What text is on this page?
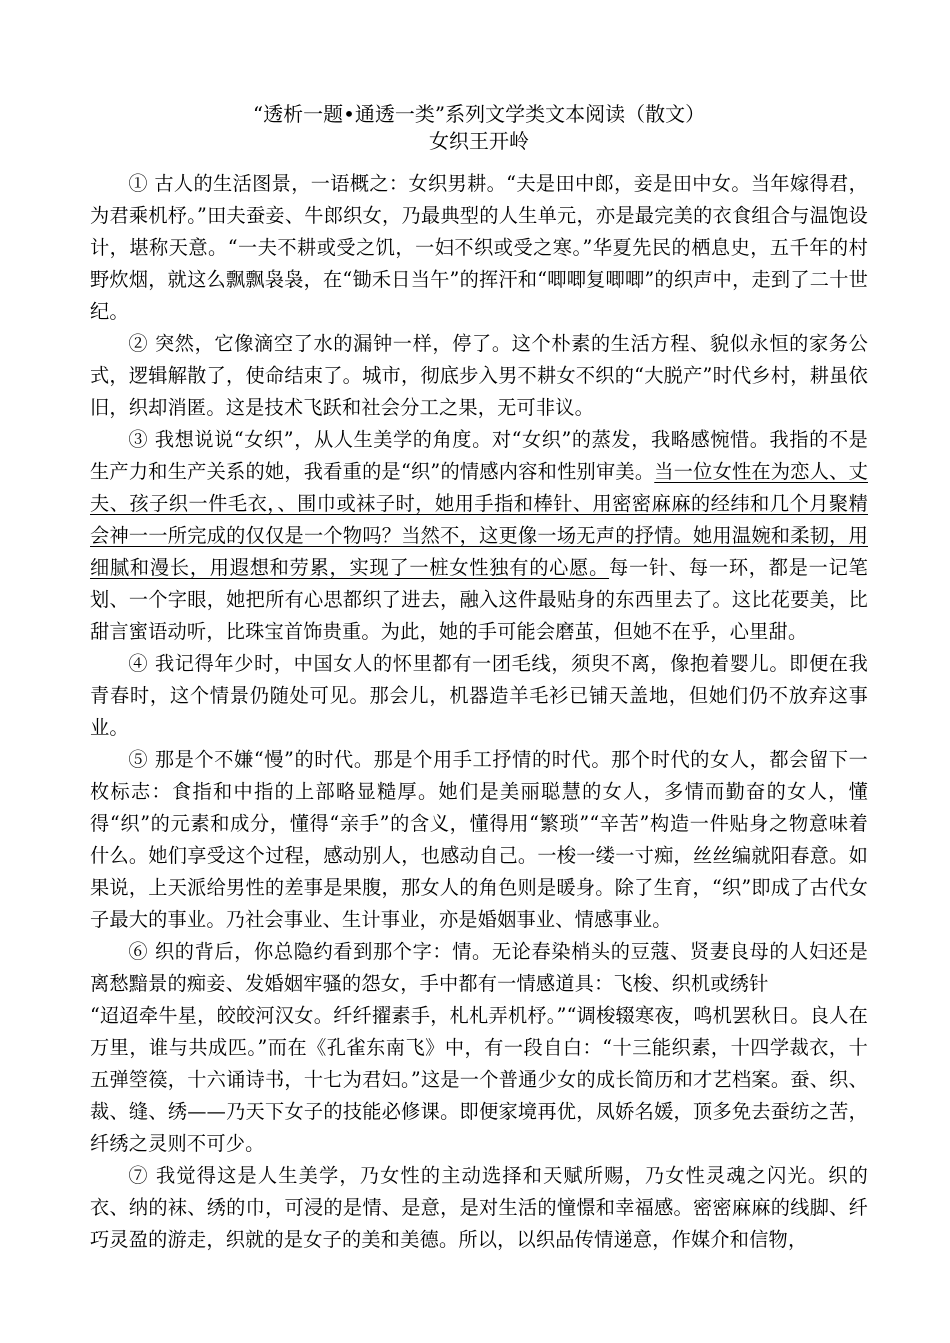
“透析一题•通透一类”系列文学类文本阅读（散文）
女织王开岭

① 古人的生活图景，一语概之：女织男耕。“夫是田中郎，妾是田中女。当年嫁得君，为君乘机杼。”田夫蚕妾、牛郎织女，乃最典型的人生单元，亦是最完美的衣食组合与温饱设计，堪称天意。“一夫不耕或受之饥，一妇不织或受之寒。”华夏先民的栖息史，五千年的村野炊烟，就这么飘飘袅袅，在“锄禾日当午”的挥汗和“唧唧复唧唧”的织声中，走到了二十世纪。

② 突然，它像滴空了水的漏钟一样，停了。这个朴素的生活方程、貌似永恒的家务公式，逻辑解散了，使命结束了。城市，彻底步入男不耕女不织的“大脱产”时代乡村，耕虽依旧，织却消匿。这是技术飞跃和社会分工之果，无可非议。

③ 我想说说“女织”，从人生美学的角度。对“女织”的蒸发，我略感惋惜。我指的不是生产力和生产关系的她，我看重的是“织”的情感内容和性别审美。当一位女性在为恋人、丈夫、孩子织一件毛衣，、围巾或袜子时，她用手指和棒针、用密密麻麻的经纬和几个月聚精会神一一所完成的仅仅是一个物吗？当然不，这更像一场无声的抒情。她用温婉和柔韧，用细腻和漫长，用遐想和劳累，实现了一桩女性独有的心愿。每一针、每一环，都是一记笔划、一个字眼，她把所有心思都织了进去，融入这件最贴身的东西里去了。这比花要美，比甜言蜜语动听，比珠宝首饰贵重。为此，她的手可能会磨茧，但她不在乎，心里甜。

④ 我记得年少时，中国女人的怀里都有一团毛线，须臾不离，像抱着婴儿。即便在我青春时，这个情景仍随处可见。那会儿，机器造羊毛衫已铺天盖地，但她们仍不放弃这事业。

⑤ 那是个不嫌“慢”的时代。那是个用手工抒情的时代。那个时代的女人，都会留下一枚标志：食指和中指的上部略显糙厚。她们是美丽聪慧的女人，多情而勤奋的女人，懂得“织”的元素和成分，懂得“亲手”的含义，懂得用“繁琐”“辛苦”构造一件贴身之物意味着什么。她们享受这个过程，感动别人，也感动自己。一梭一缕一寸痴，丝丝编就阳春意。如果说，上天派给男性的差事是果腹，那女人的角色则是暖身。除了生育，“织”即成了古代女子最大的事业。乃社会事业、生计事业，亦是婚姻事业、情感事业。

⑥ 织的背后，你总隐约看到那个字：情。无论春染梢头的豆蔻、贤妻良母的人妇还是离愁黯景的痴妾、发婚姻牢骚的怨女，手中都有一情感道具：飞梭、织机或绣针

“迢迢牵牛星，皎皎河汉女。纤纤擢素手，札札弄机杼。”“调梭辍寒夜，鸣机罢秋日。良人在万里，谁与共成匹。”而在《孔雀东南飞》中，有一段自白：“十三能织素，十四学裁衣，十五弹箜篌，十六诵诗书，十七为君妇。”这是一个普通少女的成长简历和才艺档案。蚕、织、裁、缝、绣——乃天下女子的技能必修课。即便家境再优，凤娇名媛，顶多免去蚕纺之苦，纤绣之灵则不可少。

⑦ 我觉得这是人生美学，乃女性的主动选择和天赋所赐，乃女性灵魂之闪光。织的衣、纳的袜、绣的巾，可浸的是情、是意，是对生活的憧憬和幸福感。密密麻麻的线脚、纤巧灵盈的游走，织就的是女子的美和美德。所以，以织品传情递意，作媒介和信物，
